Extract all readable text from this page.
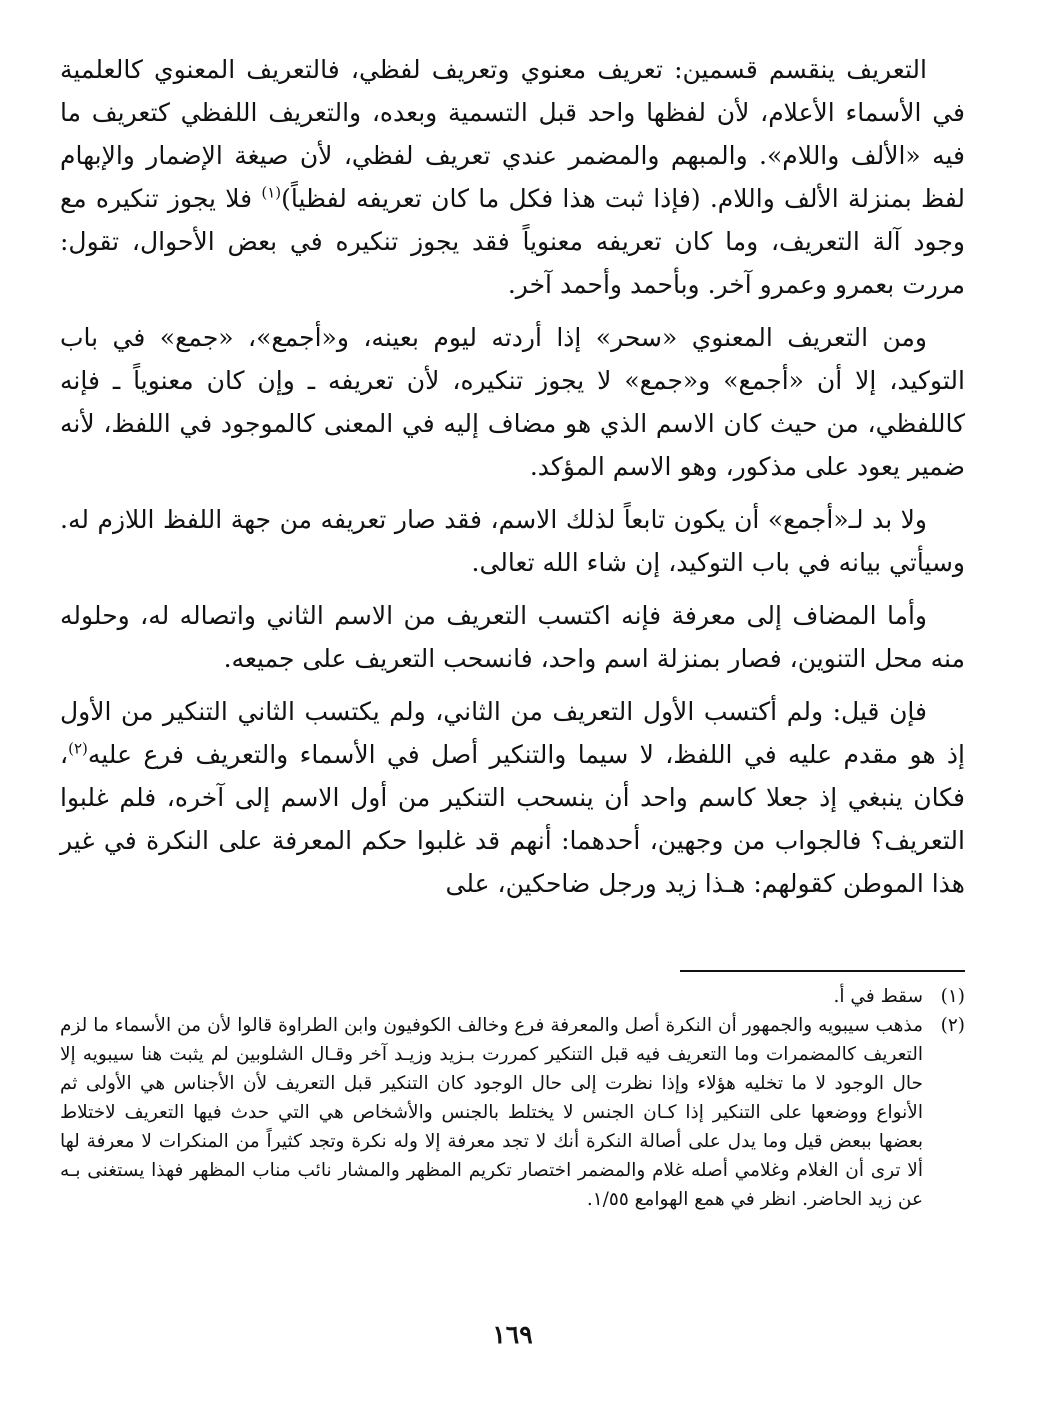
التعريف ينقسم قسمين: تعريف معنوي وتعريف لفظي، فالتعريف المعنوي كالعلمية في الأسماء الأعلام، لأن لفظها واحد قبل التسمية وبعده، والتعريف اللفظي كتعريف ما فيه «الألف واللام». والمبهم والمضمر عندي تعريف لفظي، لأن صيغة الإضمار والإبهام لفظ بمنزلة الألف واللام. (فإذا ثبت هذا فكل ما كان تعريفه لفظياً)$^{(١)}$ فلا يجوز تنكيره مع وجود آلة التعريف، وما كان تعريفه معنوياً فقد يجوز تنكيره في بعض الأحوال، تقول: مررت بعمرو وعمرو آخر. وبأحمد وأحمد آخر.

ومن التعريف المعنوي «سحر» إذا أردته ليوم بعينه، و«أجمع»، «جمع» في باب التوكيد، إلا أن «أجمع» و«جمع» لا يجوز تنكيره، لأن تعريفه ـ وإن كان معنوياً ـ فإنه كاللفظي، من حيث كان الاسم الذي هو مضاف إليه في المعنى كالموجود في اللفظ، لأنه ضمير يعود على مذكور، وهو الاسم المؤكد.

ولا بد لـ«أجمع» أن يكون تابعاً لذلك الاسم، فقد صار تعريفه من جهة اللفظ اللازم له. وسيأتي بيانه في باب التوكيد، إن شاء الله تعالى.

وأما المضاف إلى معرفة فإنه اكتسب التعريف من الاسم الثاني واتصاله له، وحلوله منه محل التنوين، فصار بمنزلة اسم واحد، فانسحب التعريف على جميعه.

فإن قيل: ولم أكتسب الأول التعريف من الثاني، ولم يكتسب الثاني التنكير من الأول إذ هو مقدم عليه في اللفظ، لا سيما والتنكير أصل في الأسماء والتعريف فرع عليه$^{(٢)}$، فكان ينبغي إذ جعلا كاسم واحد أن ينسحب التنكير من أول الاسم إلى آخره، فلم غلبوا التعريف؟ فالجواب من وجهين، أحدهما: أنهم قد غلبوا حكم المعرفة على النكرة في غير هذا الموطن كقولهم: هـذا زيد ورجل ضاحكين، على

(١)
سقط في أ.
(٢)
مذهب سيبويه والجمهور أن النكرة أصل والمعرفة فرع وخالف الكوفيون وابن الطراوة قالوا لأن من الأسماء ما لزم التعريف كالمضمرات وما التعريف فيه قبل التنكير كمررت بـزيد وزيـد آخر وقـال الشلوبين لم يثبت هنا سيبويه إلا حال الوجود لا ما تخليه هؤلاء وإذا نظرت إلى حال الوجود كان التنكير قبل التعريف لأن الأجناس هي الأولى ثم الأنواع ووضعها على التنكير إذا كـان الجنس لا يختلط بالجنس والأشخاص هي التي حدث فيها التعريف لاختلاط بعضها ببعض قيل وما يدل على أصالة النكرة أنك لا تجد معرفة إلا وله نكرة وتجد كثيراً من المنكرات لا معرفة لها ألا ترى أن الغلام وغلامي أصله غلام والمضمر اختصار تكريم المظهر والمشار نائب مناب المظهر فهذا يستغنى بـه عن زيد الحاضر. انظر في همع الهوامع ١/٥٥.
١٦٩
